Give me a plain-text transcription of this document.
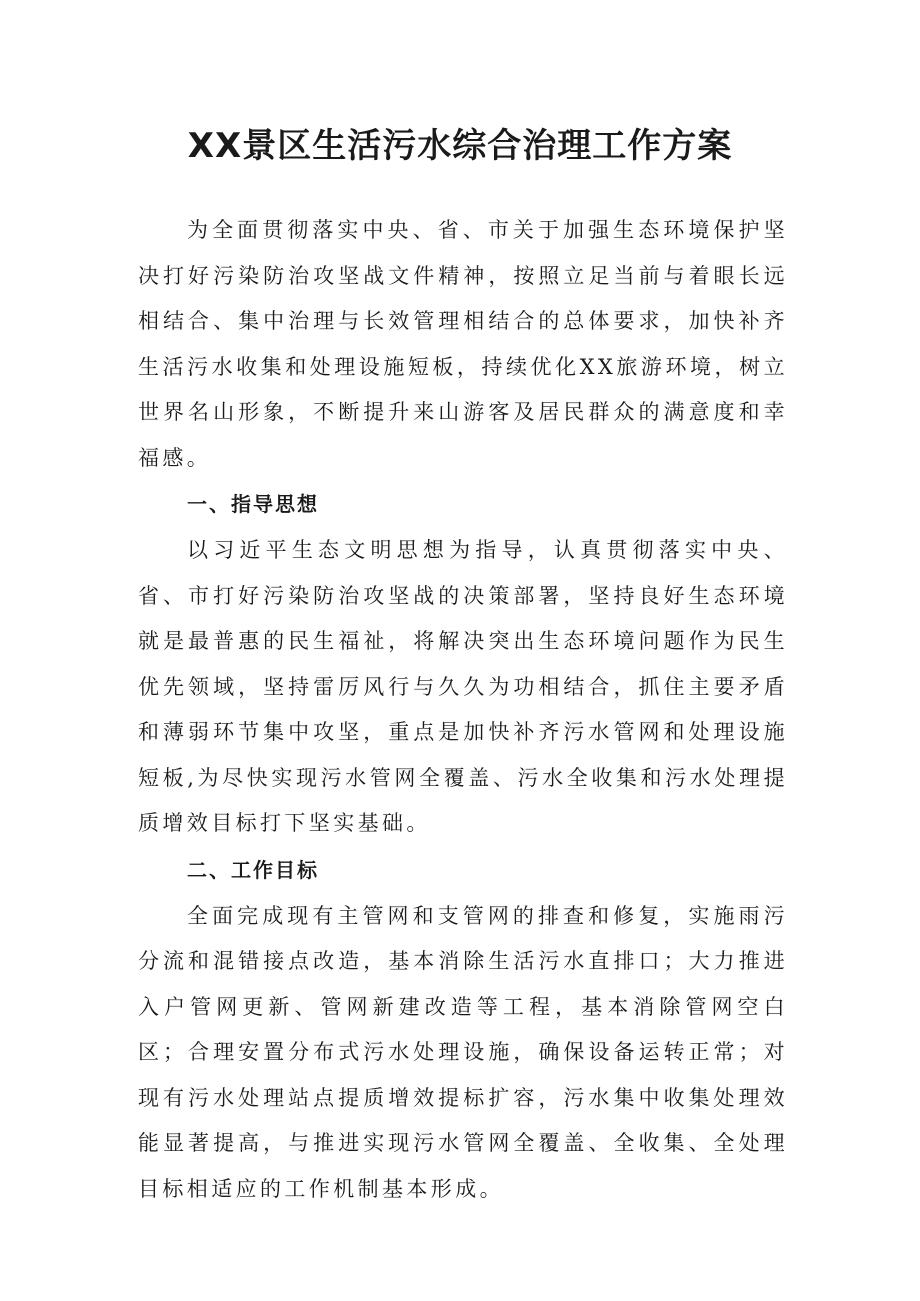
XX景区生活污水综合治理工作方案

为全面贯彻落实中央、省、市关于加强生态环境保护坚决打好污染防治攻坚战文件精神，按照立足当前与着眼长远相结合、集中治理与长效管理相结合的总体要求，加快补齐生活污水收集和处理设施短板，持续优化XX旅游环境，树立世界名山形象，不断提升来山游客及居民群众的满意度和幸福感。

一、指导思想

以习近平生态文明思想为指导，认真贯彻落实中央、省、市打好污染防治攻坚战的决策部署，坚持良好生态环境就是最普惠的民生福祉，将解决突出生态环境问题作为民生优先领域，坚持雷厉风行与久久为功相结合，抓住主要矛盾和薄弱环节集中攻坚，重点是加快补齐污水管网和处理设施短板,为尽快实现污水管网全覆盖、污水全收集和污水处理提质增效目标打下坚实基础。

二、工作目标

全面完成现有主管网和支管网的排查和修复，实施雨污分流和混错接点改造，基本消除生活污水直排口；大力推进入户管网更新、管网新建改造等工程，基本消除管网空白区；合理安置分布式污水处理设施，确保设备运转正常；对现有污水处理站点提质增效提标扩容，污水集中收集处理效能显著提高，与推进实现污水管网全覆盖、全收集、全处理目标相适应的工作机制基本形成。
